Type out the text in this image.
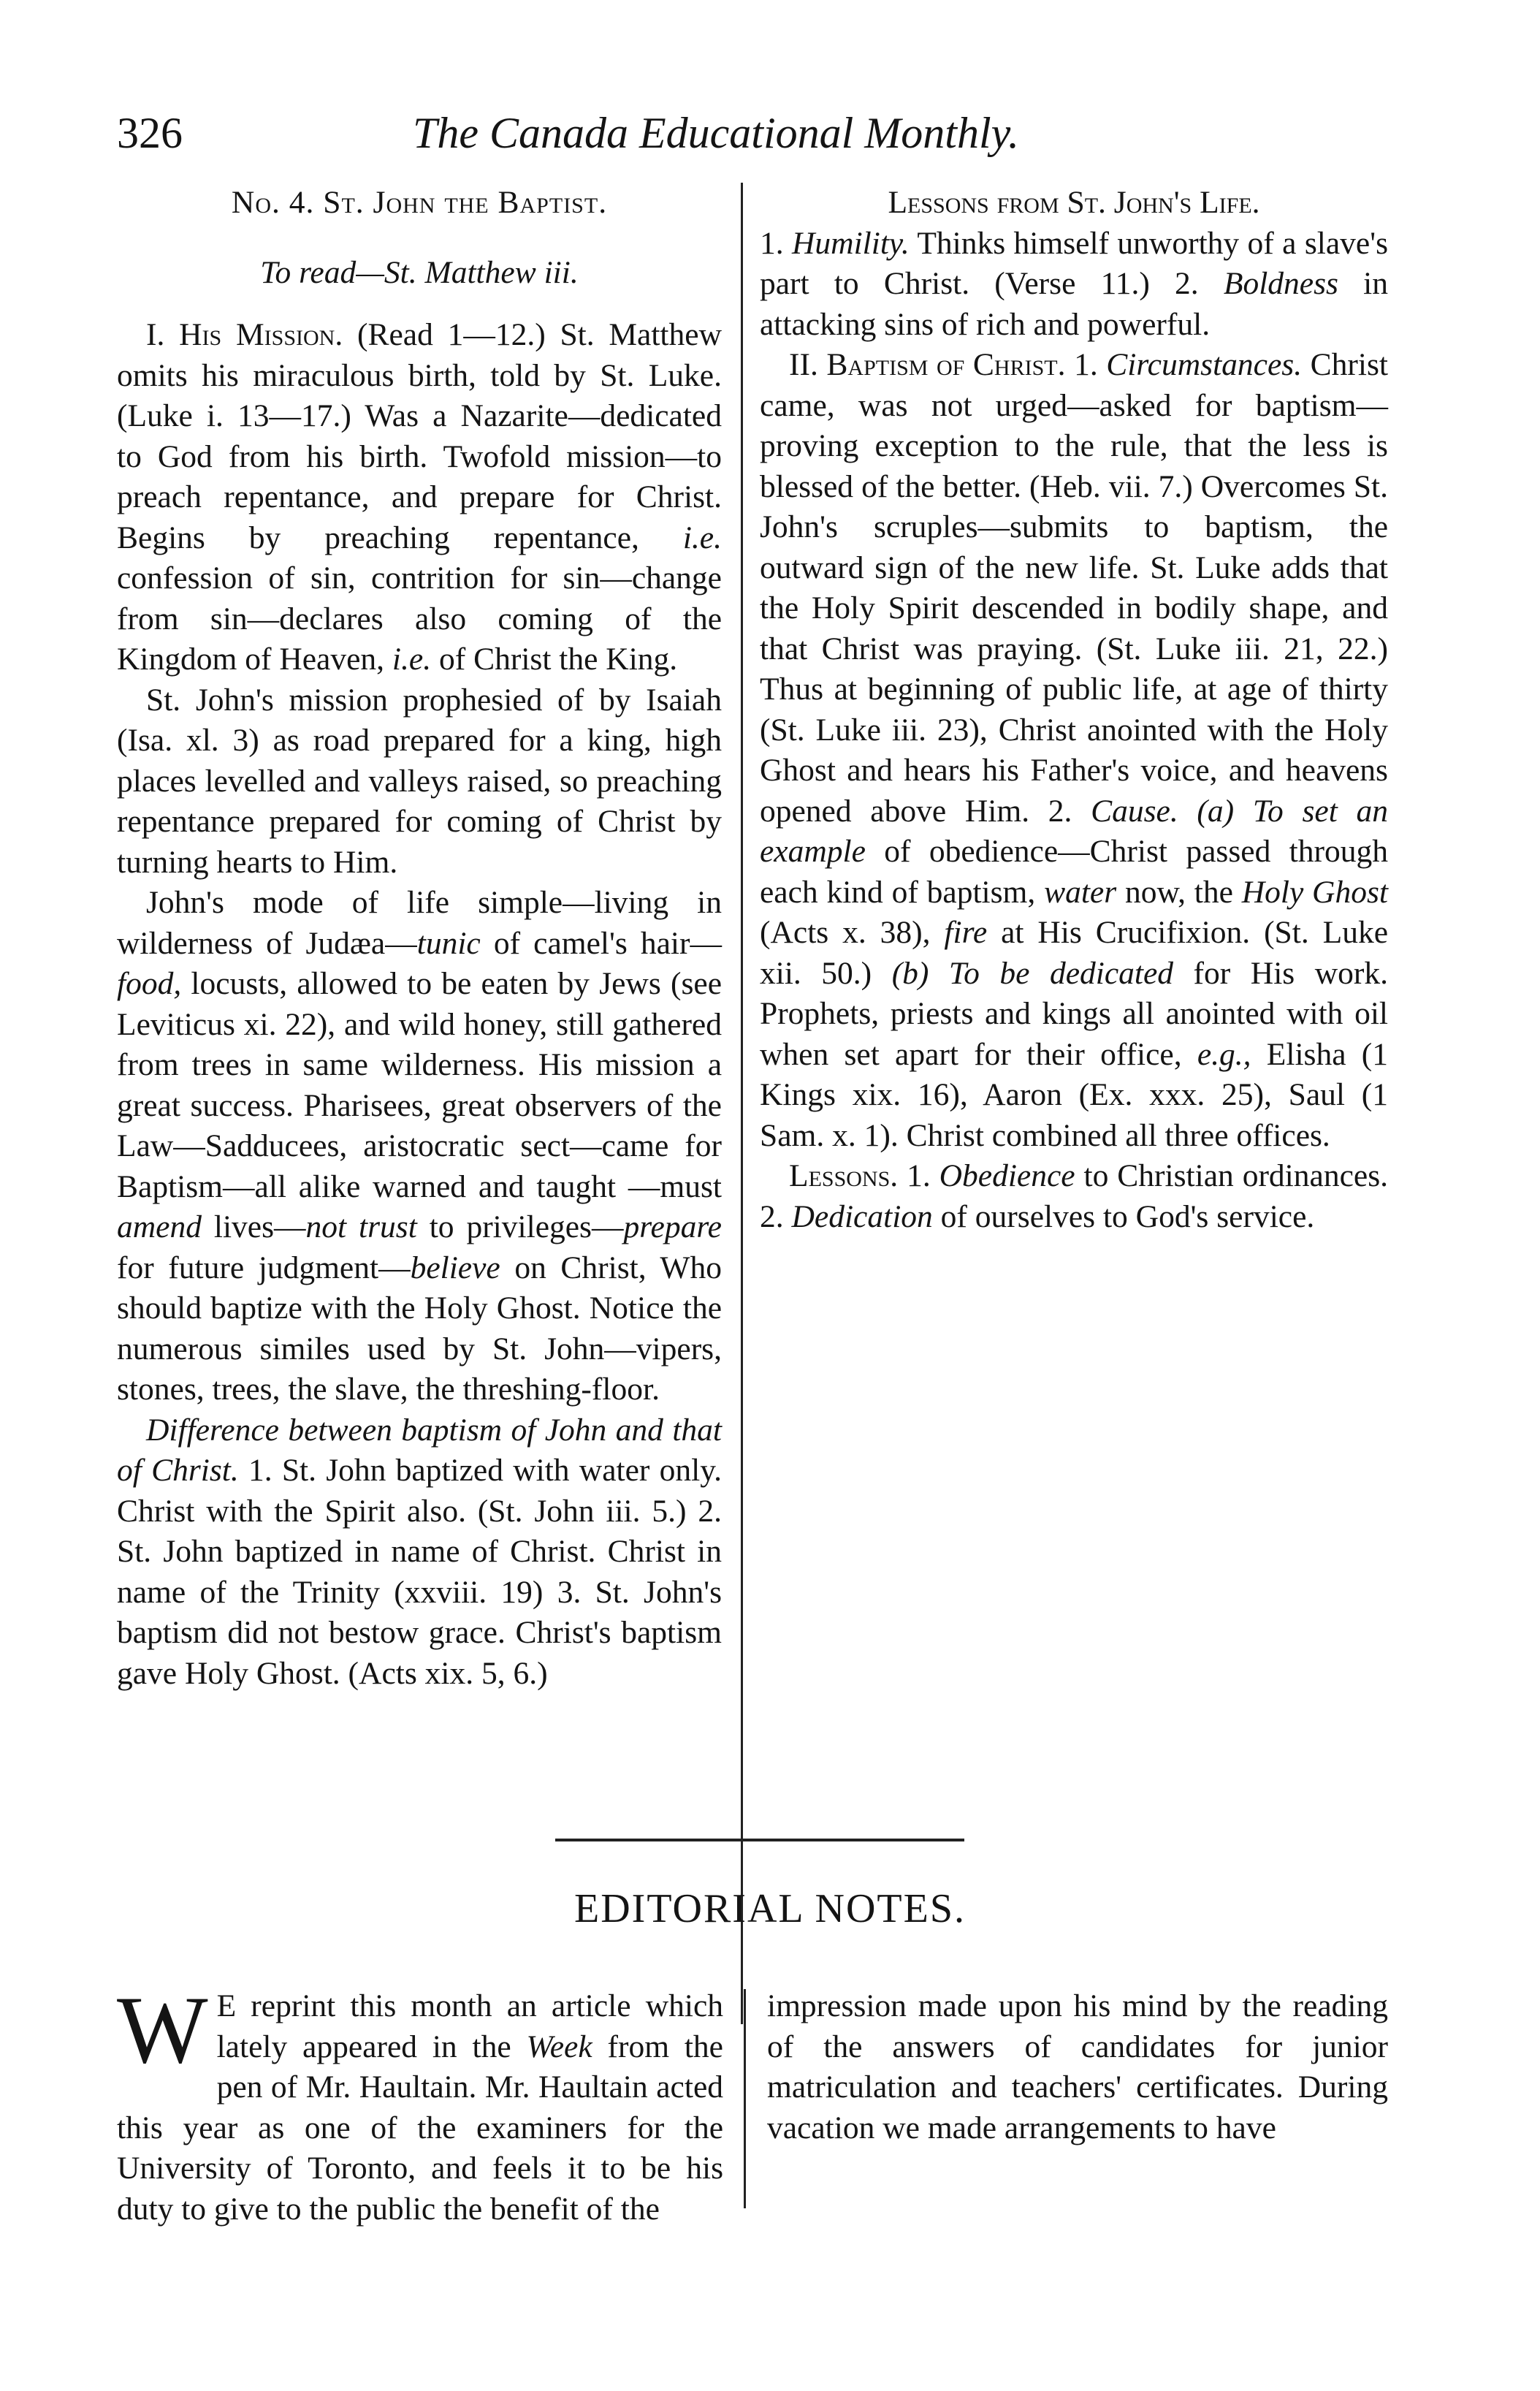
326	The Canada Educational Monthly.

No. 4. St. John the Baptist.

To read—St. Matthew iii.

I. His Mission. (Read 1—12.) St. Matthew omits his miraculous birth, told by St. Luke. (Luke i. 13—17.) Was a Nazarite—dedicated to God from his birth. Twofold mission—to preach repentance, and prepare for Christ. Begins by preaching repentance, i.e. confession of sin, contrition for sin—change from sin—declares also coming of the Kingdom of Heaven, i.e. of Christ the King.

St. John's mission prophesied of by Isaiah (Isa. xl. 3) as road prepared for a king, high places levelled and valleys raised, so preaching repentance prepared for coming of Christ by turning hearts to Him.

John's mode of life simple—living in wilderness of Judæa—tunic of camel's hair—food, locusts, allowed to be eaten by Jews (see Leviticus xi. 22), and wild honey, still gathered from trees in same wilderness. His mission a great success. Pharisees, great observers of the Law—Sadducees, aristocratic sect—came for Baptism—all alike warned and taught —must amend lives—not trust to privileges—prepare for future judgment—believe on Christ, Who should baptize with the Holy Ghost. Notice the numerous similes used by St. John—vipers, stones, trees, the slave, the threshing-floor.

Difference between baptism of John and that of Christ. 1. St. John baptized with water only. Christ with the Spirit also. (St. John iii. 5.) 2. St. John baptized in name of Christ. Christ in name of the Trinity (xxviii. 19) 3. St. John's baptism did not bestow grace. Christ's baptism gave Holy Ghost. (Acts xix. 5, 6.)

Lessons from St. John's Life.

1. Humility. Thinks himself unworthy of a slave's part to Christ. (Verse 11.) 2. Boldness in attacking sins of rich and powerful.

II. Baptism of Christ. 1. Circumstances. Christ came, was not urged—asked for baptism—proving exception to the rule, that the less is blessed of the better. (Heb. vii. 7.) Overcomes St. John's scruples—submits to baptism, the outward sign of the new life. St. Luke adds that the Holy Spirit descended in bodily shape, and that Christ was praying. (St. Luke iii. 21, 22.) Thus at beginning of public life, at age of thirty (St. Luke iii. 23), Christ anointed with the Holy Ghost and hears his Father's voice, and heavens opened above Him. 2. Cause. (a) To set an example of obedience—Christ passed through each kind of baptism, water now, the Holy Ghost (Acts x. 38), fire at His Crucifixion. (St. Luke xii. 50.) (b) To be dedicated for His work. Prophets, priests and kings all anointed with oil when set apart for their office, e.g., Elisha (1 Kings xix. 16), Aaron (Ex. xxx. 25), Saul (1 Sam. x. 1). Christ combined all three offices.

Lessons. 1. Obedience to Christian ordinances. 2. Dedication of ourselves to God's service.

EDITORIAL NOTES.

W E reprint this month an article which lately appeared in the Week from the pen of Mr. Haultain. Mr. Haultain acted this year as one of the examiners for the University of Toronto, and feels it to be his duty to give to the public the benefit of the

impression made upon his mind by the reading of the answers of candidates for junior matriculation and teachers' certificates. During vacation we made arrangements to have
